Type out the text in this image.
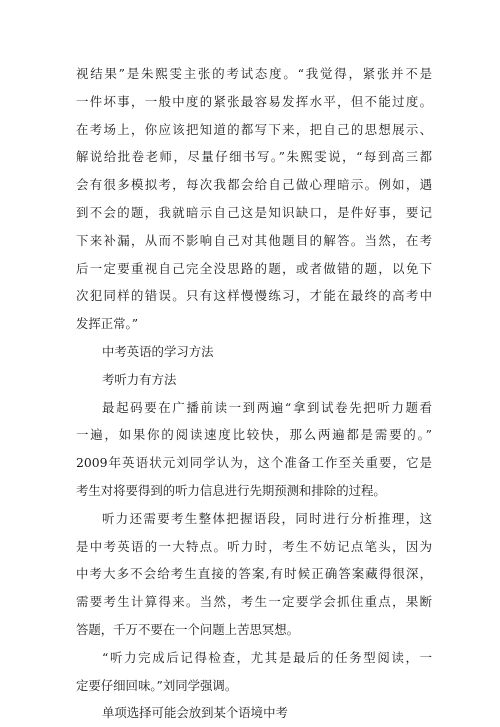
视结果”是朱熙雯主张的考试态度。“我觉得，紧张并不是

一件坏事，一般中度的紧张最容易发挥水平，但不能过度。

在考场上，你应该把知道的都写下来，把自己的思想展示、

解说给批卷老师，尽量仔细书写。”朱熙雯说，“每到高三都

会有很多模拟考，每次我都会给自己做心理暗示。例如，遇

到不会的题，我就暗示自己这是知识缺口，是件好事，要记

下来补漏，从而不影响自己对其他题目的解答。当然，在考

后一定要重视自己完全没思路的题，或者做错的题，以免下

次犯同样的错误。只有这样慢慢练习，才能在最终的高考中

发挥正常。”

中考英语的学习方法

考听力有方法

最起码要在广播前读一到两遍“拿到试卷先把听力题看

一遍，如果你的阅读速度比较快，那么两遍都是需要的。”

2009年英语状元刘同学认为，这个准备工作至关重要，它是

考生对将要得到的听力信息进行先期预测和排除的过程。

听力还需要考生整体把握语段，同时进行分析推理，这

是中考英语的一大特点。听力时，考生不妨记点笔头，因为

中考大多不会给考生直接的答案,有时候正确答案藏得很深，

需要考生计算得来。当然，考生一定要学会抓住重点，果断

答题，千万不要在一个问题上苦思冥想。

“听力完成后记得检查，尤其是最后的任务型阅读，一

定要仔细回味。”刘同学强调。

单项选择可能会放到某个语境中考
